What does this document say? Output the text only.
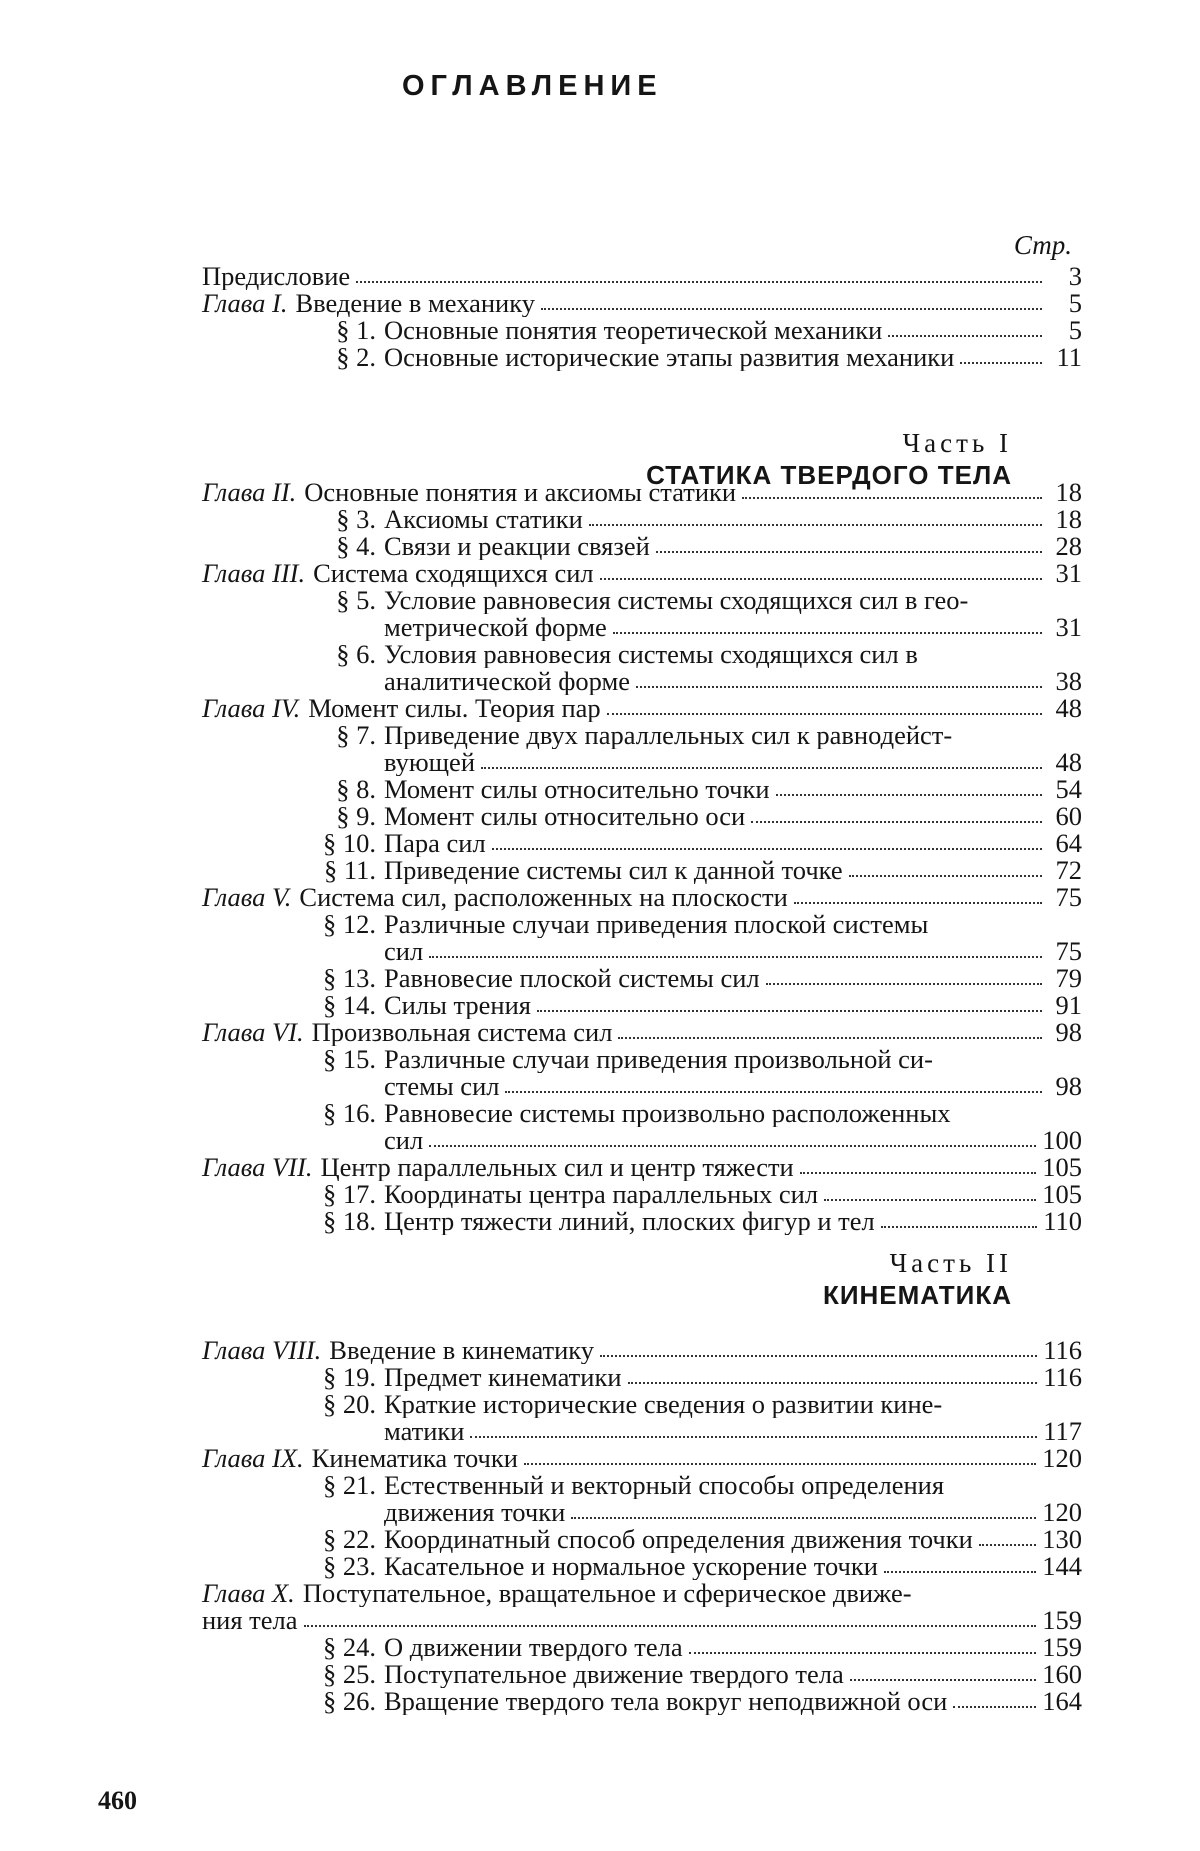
ОГЛАВЛЕНИЕ
Стр.
Предисловие	3
Глава I. Введение в механику	5
§ 1. Основные понятия теоретической механики	5
§ 2. Основные исторические этапы развития механики	11
Часть I
СТАТИКА ТВЕРДОГО ТЕЛА
Глава II. Основные понятия и аксиомы статики	18
§ 3. Аксиомы статики	18
§ 4. Связи и реакции связей	28
Глава III. Система сходящихся сил	31
§ 5. Условие равновесия системы сходящихся сил в гео-
метрической форме	31
§ 6. Условия равновесия системы сходящихся сил в
аналитической форме	38
Глава IV. Момент силы. Теория пар	48
§ 7. Приведение двух параллельных сил к равнодейст-
вующей	48
§ 8. Момент силы относительно точки	54
§ 9. Момент силы относительно оси	60
§ 10. Пара сил	64
§ 11. Приведение системы сил к данной точке	72
Глава V. Система сил, расположенных на плоскости	75
§ 12. Различные случаи приведения плоской системы
сил	75
§ 13. Равновесие плоской системы сил	79
§ 14. Силы трения	91
Глава VI. Произвольная система сил	98
§ 15. Различные случаи приведения произвольной си-
стемы сил	98
§ 16. Равновесие системы произвольно расположенных
сил	100
Глава VII. Центр параллельных сил и центр тяжести	105
§ 17. Координаты центра параллельных сил	105
§ 18. Центр тяжести линий, плоских фигур и тел	110
Часть II
КИНЕМАТИКА
Глава VIII. Введение в кинематику	116
§ 19. Предмет кинематики	116
§ 20. Краткие исторические сведения о развитии кине-
матики	117
Глава IX. Кинематика точки	120
§ 21. Естественный и векторный способы определения
движения точки	120
§ 22. Координатный способ определения движения точки	130
§ 23. Касательное и нормальное ускорение точки	144
Глава X. Поступательное, вращательное и сферическое движе-
ния тела	159
§ 24. О движении твердого тела	159
§ 25. Поступательное движение твердого тела	160
§ 26. Вращение твердого тела вокруг неподвижной оси	164
460
